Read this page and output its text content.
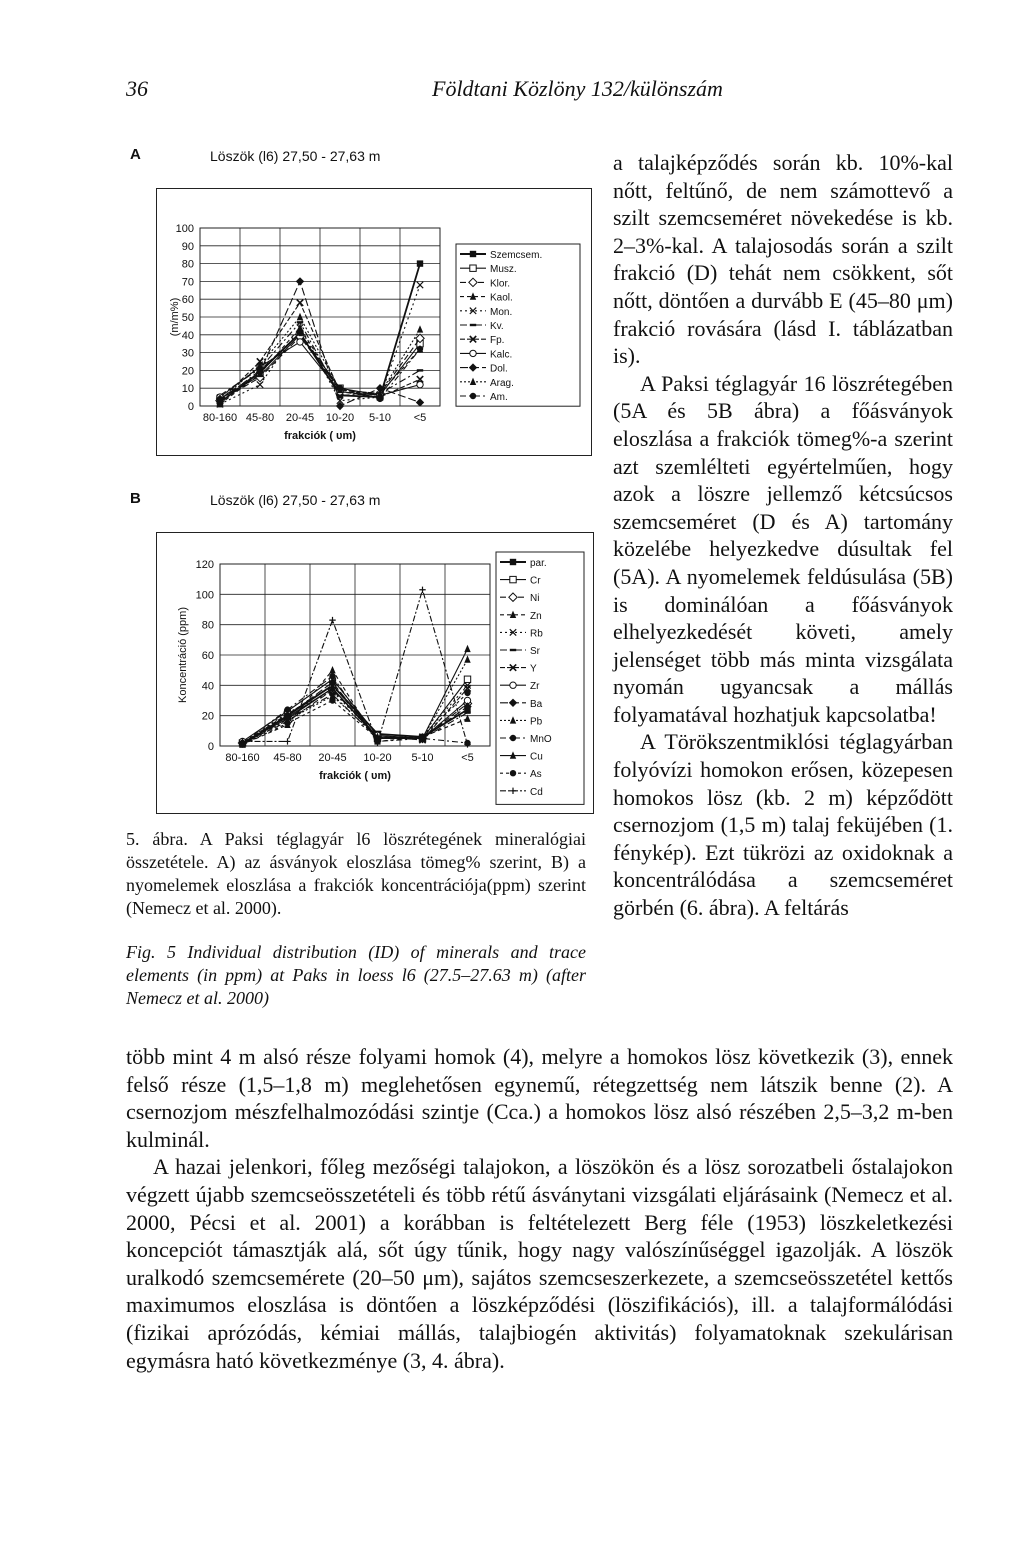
36	Földtani Közlöny 132/különszám
A	Löszök (l6) 27,50 - 27,63 m
0
10
20
30
40
50
60
70
80
90
100
80-160 45-80 20-45 10-20 5-10 <5
frakciók ( υm)
(m/m%)
Szemcsem.
Musz.
Klor.
Kaol.
Mon.
Kv.
Fp.
Kalc.
Dol.
Arag.
Am.
B	Löszök (l6) 27,50 - 27,63 m
0
20
40
60
80
100
120
80-160 45-80 20-45 10-20 5-10	<5
frakciók ( υm)
Koncentráció (ppm)
par.
Cr
Ni
Zn
Rb
Sr
Y
Zr
Ba
Pb
MnO
Cu
As
Cd
5. ábra. A Paksi téglagyár l6 löszrétegének mineralógiai összetétele. A) az ásványok eloszlása tömeg% szerint, B) a nyomelemek eloszlása a frakciók koncentrációja(ppm) szerint (Nemecz et al. 2000).
Fig. 5 Individual distribution (ID) of minerals and trace elements (in ppm) at Paks in loess l6 (27.5–27.63 m) (after Nemecz et al. 2000)

a talajképződés során kb. 10%-kal nőtt, feltűnő, de nem számottevő a szilt szemcseméret növekedése is kb. 2–3%-kal. A talajosodás során a szilt frakció (D) tehát nem csökkent, sőt nőtt, döntően a durvább E (45–80 μm) frakció rovására (lásd I. táblázatban is).

A Paksi téglagyár 16 löszrétegében (5A és 5B ábra) a főásványok eloszlása a frakciók tömeg%-a szerint azt szemlélteti egyértelműen, hogy azok a löszre jellemző kétcsúcsos szemcseméret (D és A) tartomány közelébe helyezkedve dúsultak fel (5A). A nyomelemek feldúsulása (5B) is dominálóan a főásványok elhelyezkedését követi, amely jelenséget több más minta vizsgálata nyomán ugyancsak a mállás folyamatával hozhatjuk kapcsolatba!

A Törökszentmiklósi téglagyárban folyóvízi homokon erősen, közepesen homokos lösz (kb. 2 m) képződött csernozjom (1,5 m) talaj feküjében (1. fénykép). Ezt tükrözi az oxidoknak a koncentrálódása a szemcseméret görbén (6. ábra). A feltárás

több mint 4 m alsó része folyami homok (4), melyre a homokos lösz következik (3), ennek felső része (1,5–1,8 m) meglehetősen egynemű, rétegzettség nem látszik benne (2). A csernozjom mészfelhalmozódási szintje (Cca.) a homokos lösz alsó részében 2,5–3,2 m-ben kulminál.

A hazai jelenkori, főleg mezőségi talajokon, a löszökön és a lösz sorozatbeli őstalajokon végzett újabb szemcseösszetételi és több rétű ásványtani vizsgálati eljárásaink (Nemecz et al. 2000, Pécsi et al. 2001) a korábban is feltételezett Berg féle (1953) löszkeletkezési koncepciót támasztják alá, sőt úgy tűnik, hogy nagy valószínűséggel igazolják. A löszök uralkodó szemcsemérete (20–50 μm), sajátos szemcseszerkezete, a szemcseösszetétel kettős maximumos eloszlása is döntően a löszképződési (löszifikációs), ill. a talajformálódási (fizikai aprózódás, kémiai mállás, talajbiogén aktivitás) folyamatoknak szekulárisan egymásra ható következménye (3, 4. ábra).
